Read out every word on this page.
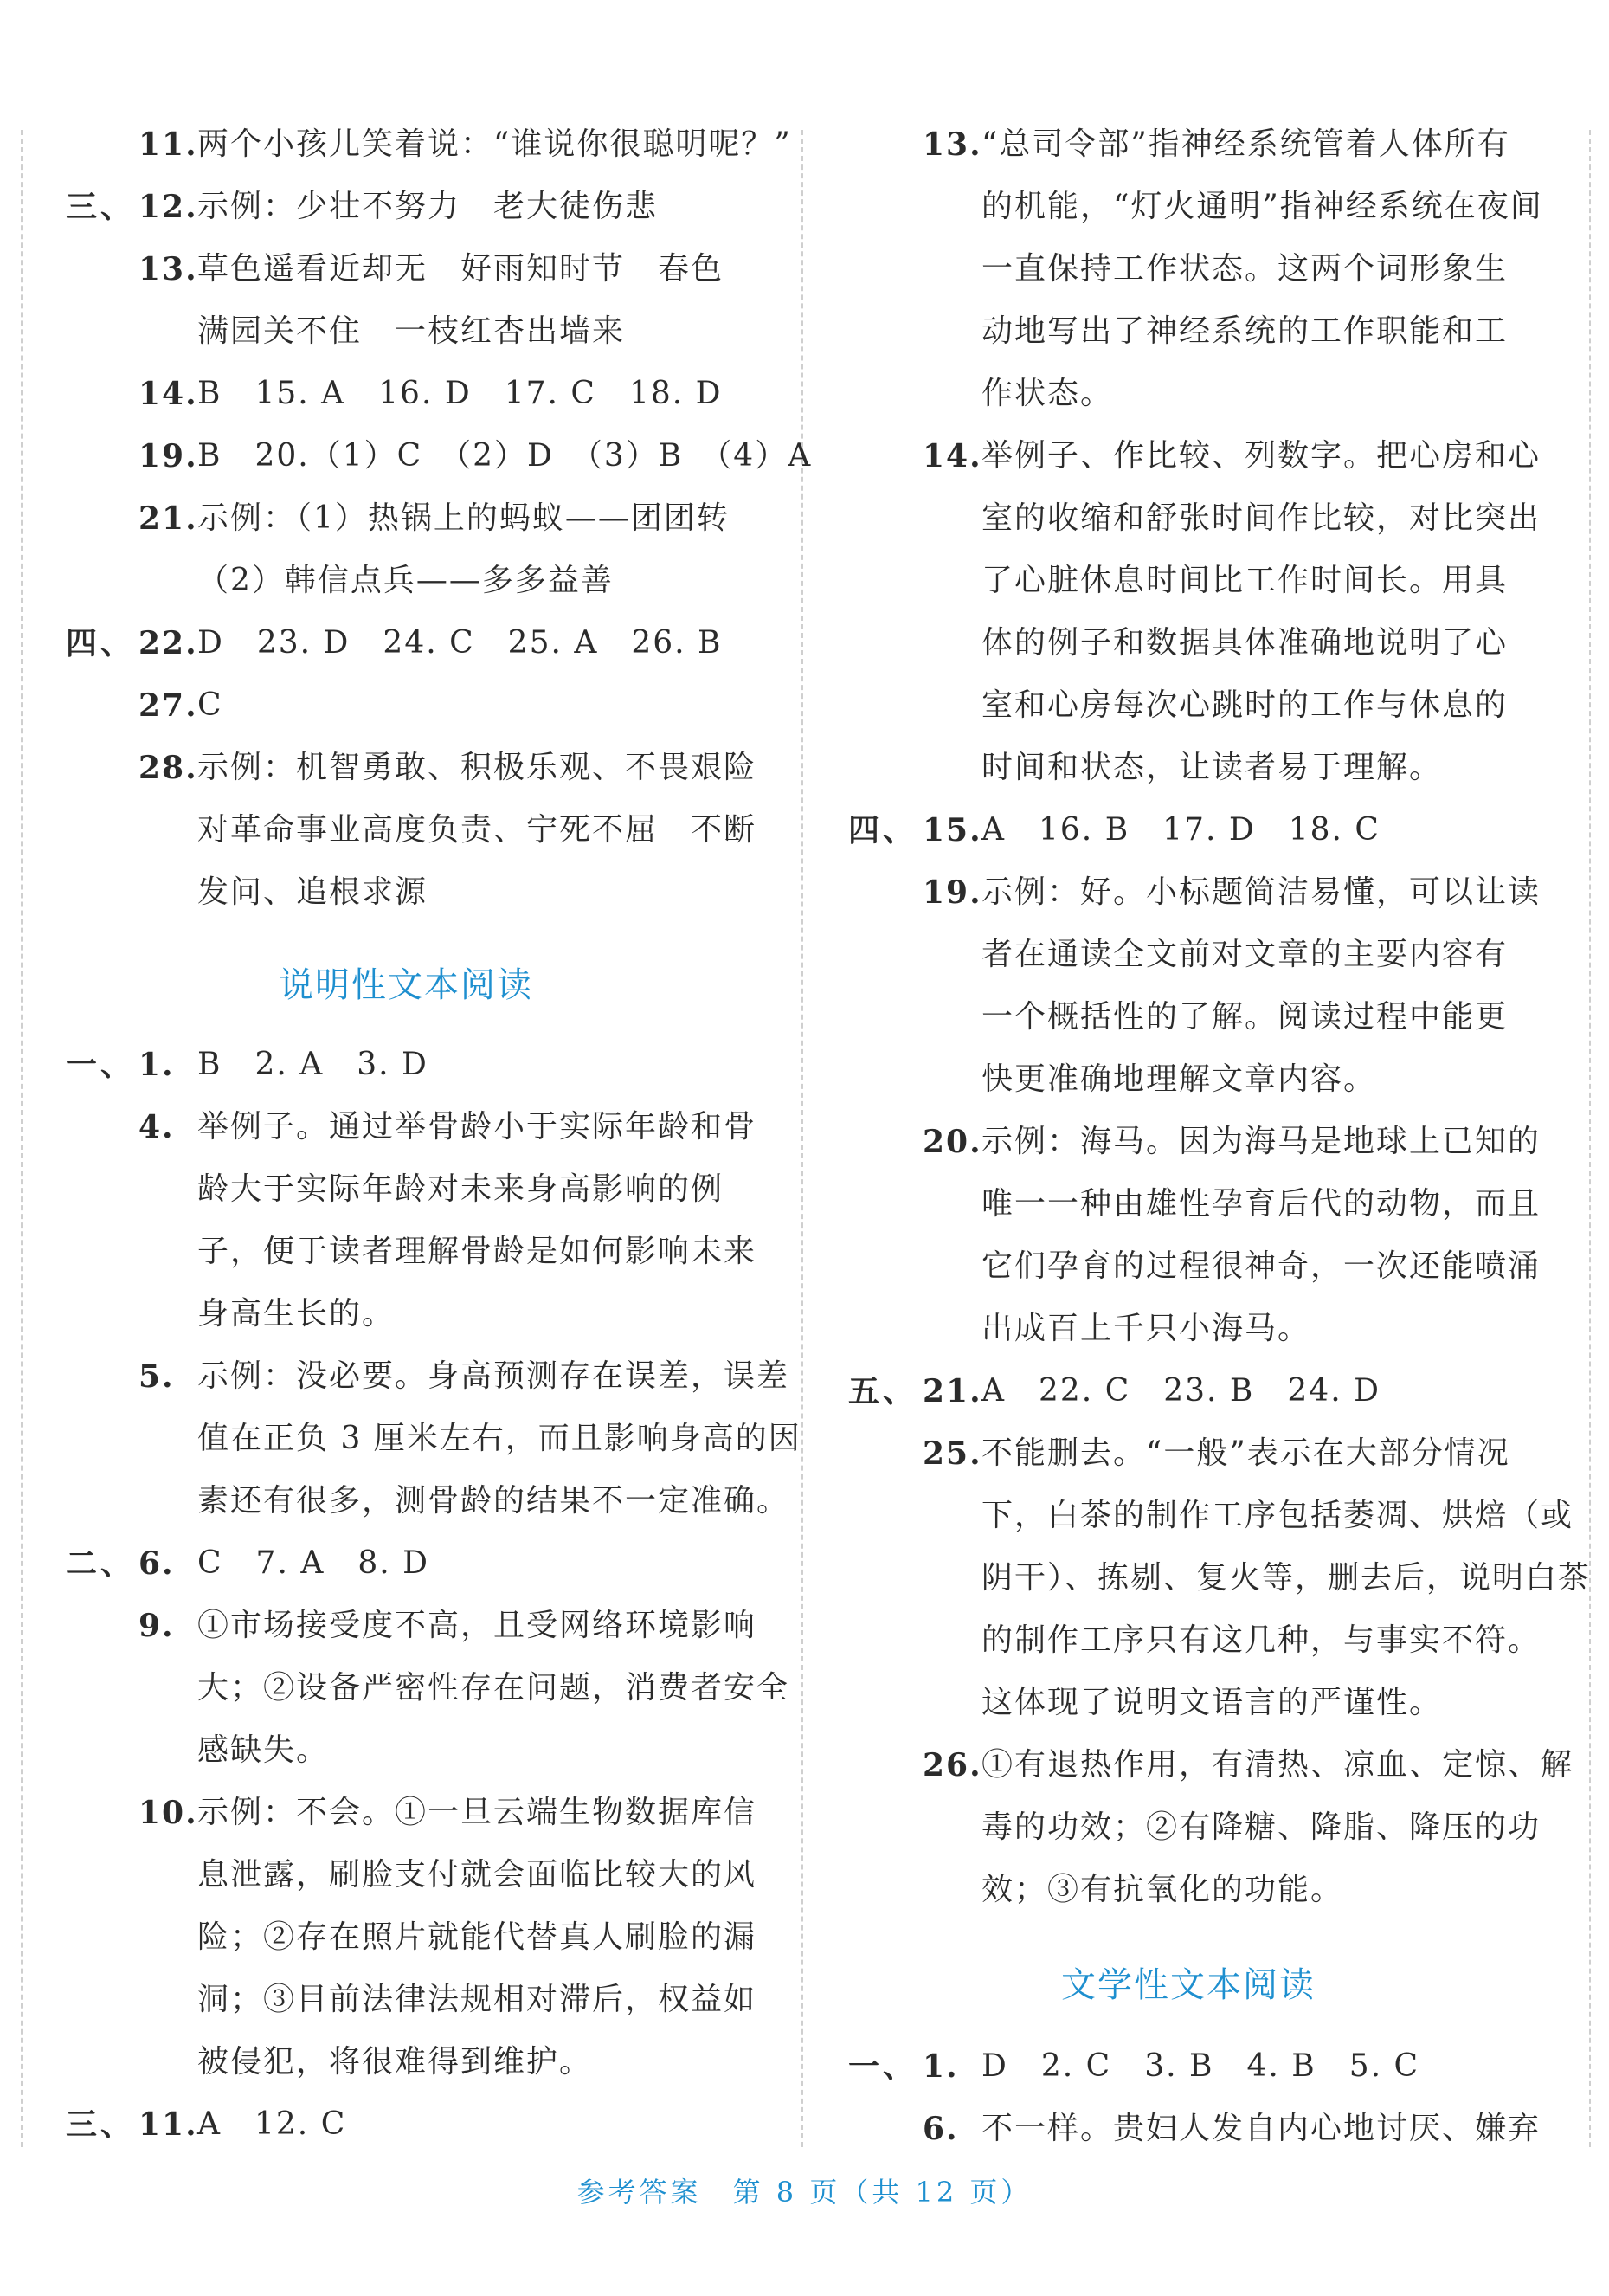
11. 两个小孩儿笑着说：“谁说你很聪明呢？”
三、 12. 示例：少壮不努力　老大徒伤悲
13. 草色遥看近却无　好雨知时节　春色
满园关不住　一枝红杏出墙来
14. B　15. A　16. D　17. C　18. D
19. B　20.（1）C　（2）D　（3）B　（4）A
21. 示例：（1）热锅上的蚂蚁——团团转
（2）韩信点兵——多多益善
四、 22. D　23. D　24. C　25. A　26. B
27. C
28. 示例：机智勇敢、积极乐观、不畏艰险
对革命事业高度负责、宁死不屈　不断
发问、追根求源
说明性文本阅读
一、 1. B　2. A　3. D
4. 举例子。通过举骨龄小于实际年龄和骨
龄大于实际年龄对未来身高影响的例
子，便于读者理解骨龄是如何影响未来
身高生长的。
5. 示例：没必要。身高预测存在误差，误差
值在正负 3 厘米左右，而且影响身高的因
素还有很多，测骨龄的结果不一定准确。
二、 6. C　7. A　8. D
9. ①市场接受度不高，且受网络环境影响
大；②设备严密性存在问题，消费者安全
感缺失。
10. 示例：不会。①一旦云端生物数据库信
息泄露，刷脸支付就会面临比较大的风
险；②存在照片就能代替真人刷脸的漏
洞；③目前法律法规相对滞后，权益如
被侵犯，将很难得到维护。
三、 11. A　12. C
13. “总司令部”指神经系统管着人体所有
的机能，“灯火通明”指神经系统在夜间
一直保持工作状态。这两个词形象生
动地写出了神经系统的工作职能和工
作状态。
14. 举例子、作比较、列数字。把心房和心
室的收缩和舒张时间作比较，对比突出
了心脏休息时间比工作时间长。用具
体的例子和数据具体准确地说明了心
室和心房每次心跳时的工作与休息的
时间和状态，让读者易于理解。
四、 15. A　16. B　17. D　18. C
19. 示例：好。小标题简洁易懂，可以让读
者在通读全文前对文章的主要内容有
一个概括性的了解。阅读过程中能更
快更准确地理解文章内容。
20. 示例：海马。因为海马是地球上已知的
唯一一种由雄性孕育后代的动物，而且
它们孕育的过程很神奇，一次还能喷涌
出成百上千只小海马。
五、 21. A　22. C　23. B　24. D
25. 不能删去。“一般”表示在大部分情况
下，白茶的制作工序包括萎凋、烘焙（或
阴干）、拣剔、复火等，删去后，说明白茶
的制作工序只有这几种，与事实不符。
这体现了说明文语言的严谨性。
26. ①有退热作用，有清热、凉血、定惊、解
毒的功效；②有降糖、降脂、降压的功
效；③有抗氧化的功能。
文学性文本阅读
一、 1. D　2. C　3. B　4. B　5. C
6. 不一样。贵妇人发自内心地讨厌、嫌弃
参考答案　第 8 页（共 12 页）
